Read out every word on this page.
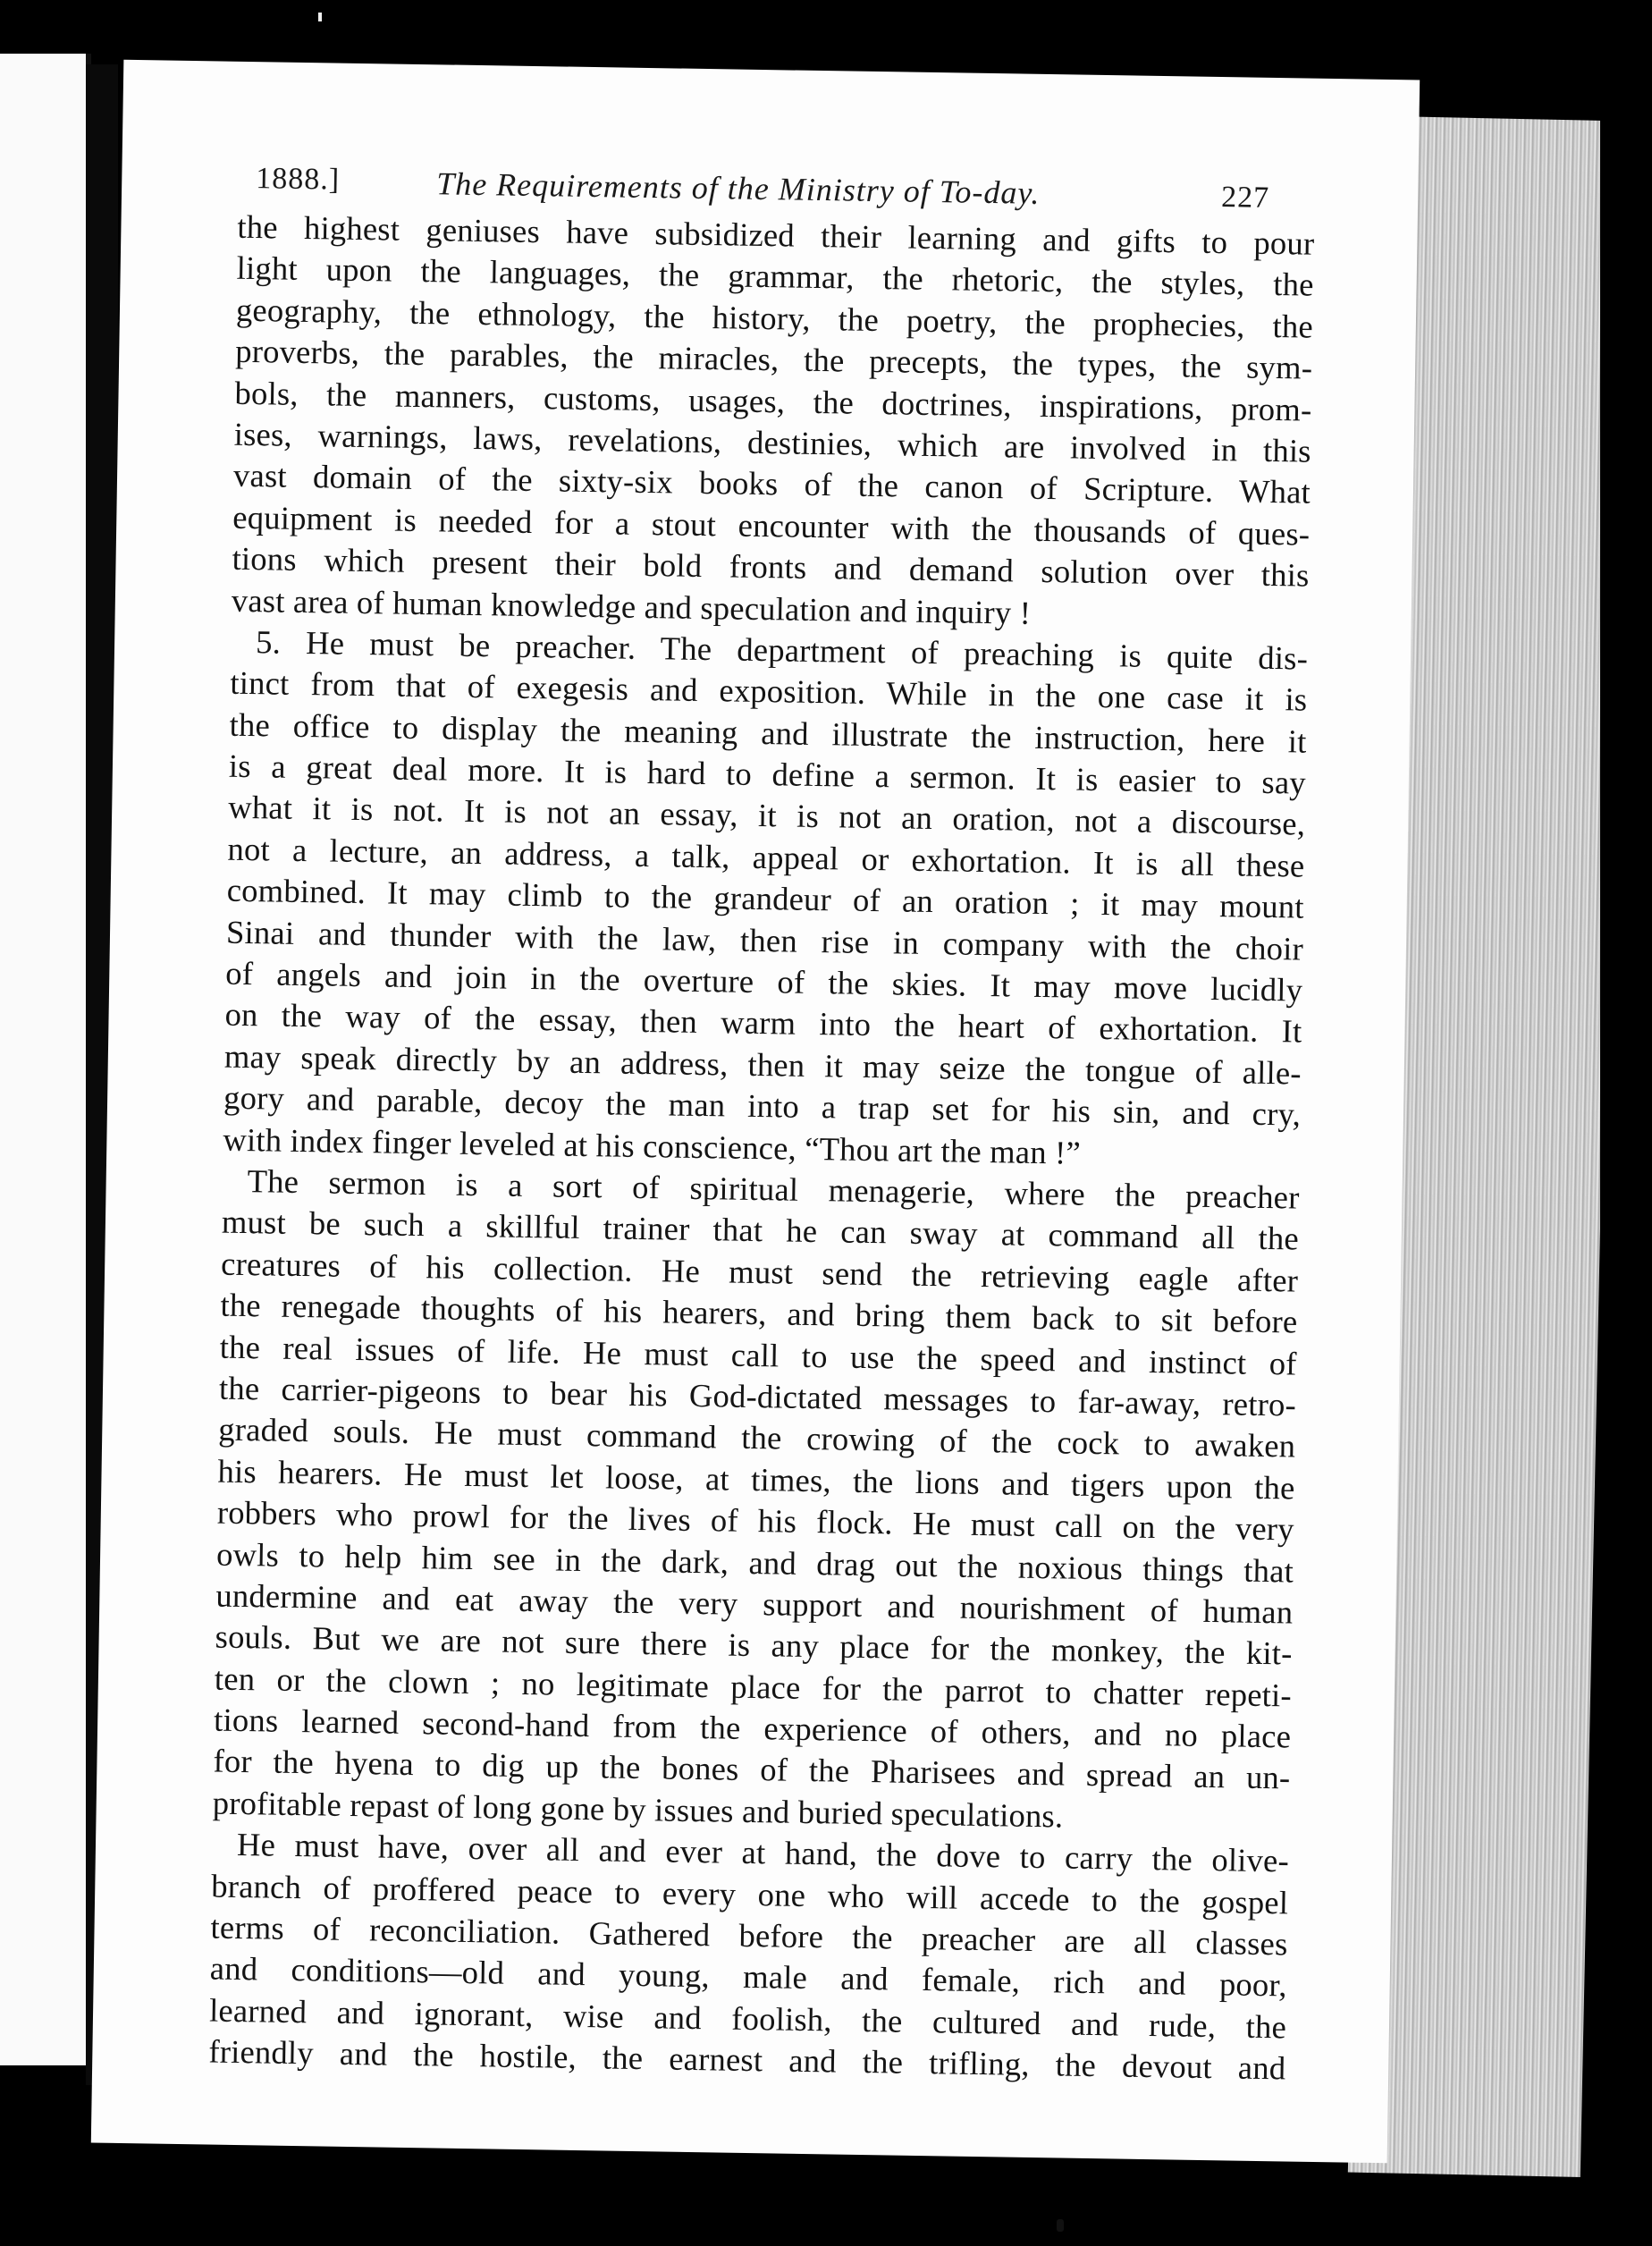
1888.]	The Requirements of the Ministry of To-day.	227
the highest geniuses have subsidized their learning and gifts to pour
light upon the languages, the grammar, the rhetoric, the styles, the
geography, the ethnology, the history, the poetry, the prophecies, the
proverbs, the parables, the miracles, the precepts, the types, the sym-
bols, the manners, customs, usages, the doctrines, inspirations, prom-
ises, warnings, laws, revelations, destinies, which are involved in this
vast domain of the sixty-six books of the canon of Scripture. What
equipment is needed for a stout encounter with the thousands of ques-
tions which present their bold fronts and demand solution over this
vast area of human knowledge and speculation and inquiry !
5. He must be preacher. The department of preaching is quite dis-
tinct from that of exegesis and exposition. While in the one case it is
the office to display the meaning and illustrate the instruction, here it
is a great deal more. It is hard to define a sermon. It is easier to say
what it is not. It is not an essay, it is not an oration, not a discourse,
not a lecture, an address, a talk, appeal or exhortation. It is all these
combined. It may climb to the grandeur of an oration ; it may mount
Sinai and thunder with the law, then rise in company with the choir
of angels and join in the overture of the skies. It may move lucidly
on the way of the essay, then warm into the heart of exhortation. It
may speak directly by an address, then it may seize the tongue of alle-
gory and parable, decoy the man into a trap set for his sin, and cry,
with index finger leveled at his conscience, “Thou art the man !”
The sermon is a sort of spiritual menagerie, where the preacher
must be such a skillful trainer that he can sway at command all the
creatures of his collection. He must send the retrieving eagle after
the renegade thoughts of his hearers, and bring them back to sit before
the real issues of life. He must call to use the speed and instinct of
the carrier-pigeons to bear his God-dictated messages to far-away, retro-
graded souls. He must command the crowing of the cock to awaken
his hearers. He must let loose, at times, the lions and tigers upon the
robbers who prowl for the lives of his flock. He must call on the very
owls to help him see in the dark, and drag out the noxious things that
undermine and eat away the very support and nourishment of human
souls. But we are not sure there is any place for the monkey, the kit-
ten or the clown ; no legitimate place for the parrot to chatter repeti-
tions learned second-hand from the experience of others, and no place
for the hyena to dig up the bones of the Pharisees and spread an un-
profitable repast of long gone by issues and buried speculations.
He must have, over all and ever at hand, the dove to carry the olive-
branch of proffered peace to every one who will accede to the gospel
terms of reconciliation. Gathered before the preacher are all classes
and conditions—old and young, male and female, rich and poor,
learned and ignorant, wise and foolish, the cultured and rude, the
friendly and the hostile, the earnest and the trifling, the devout and
